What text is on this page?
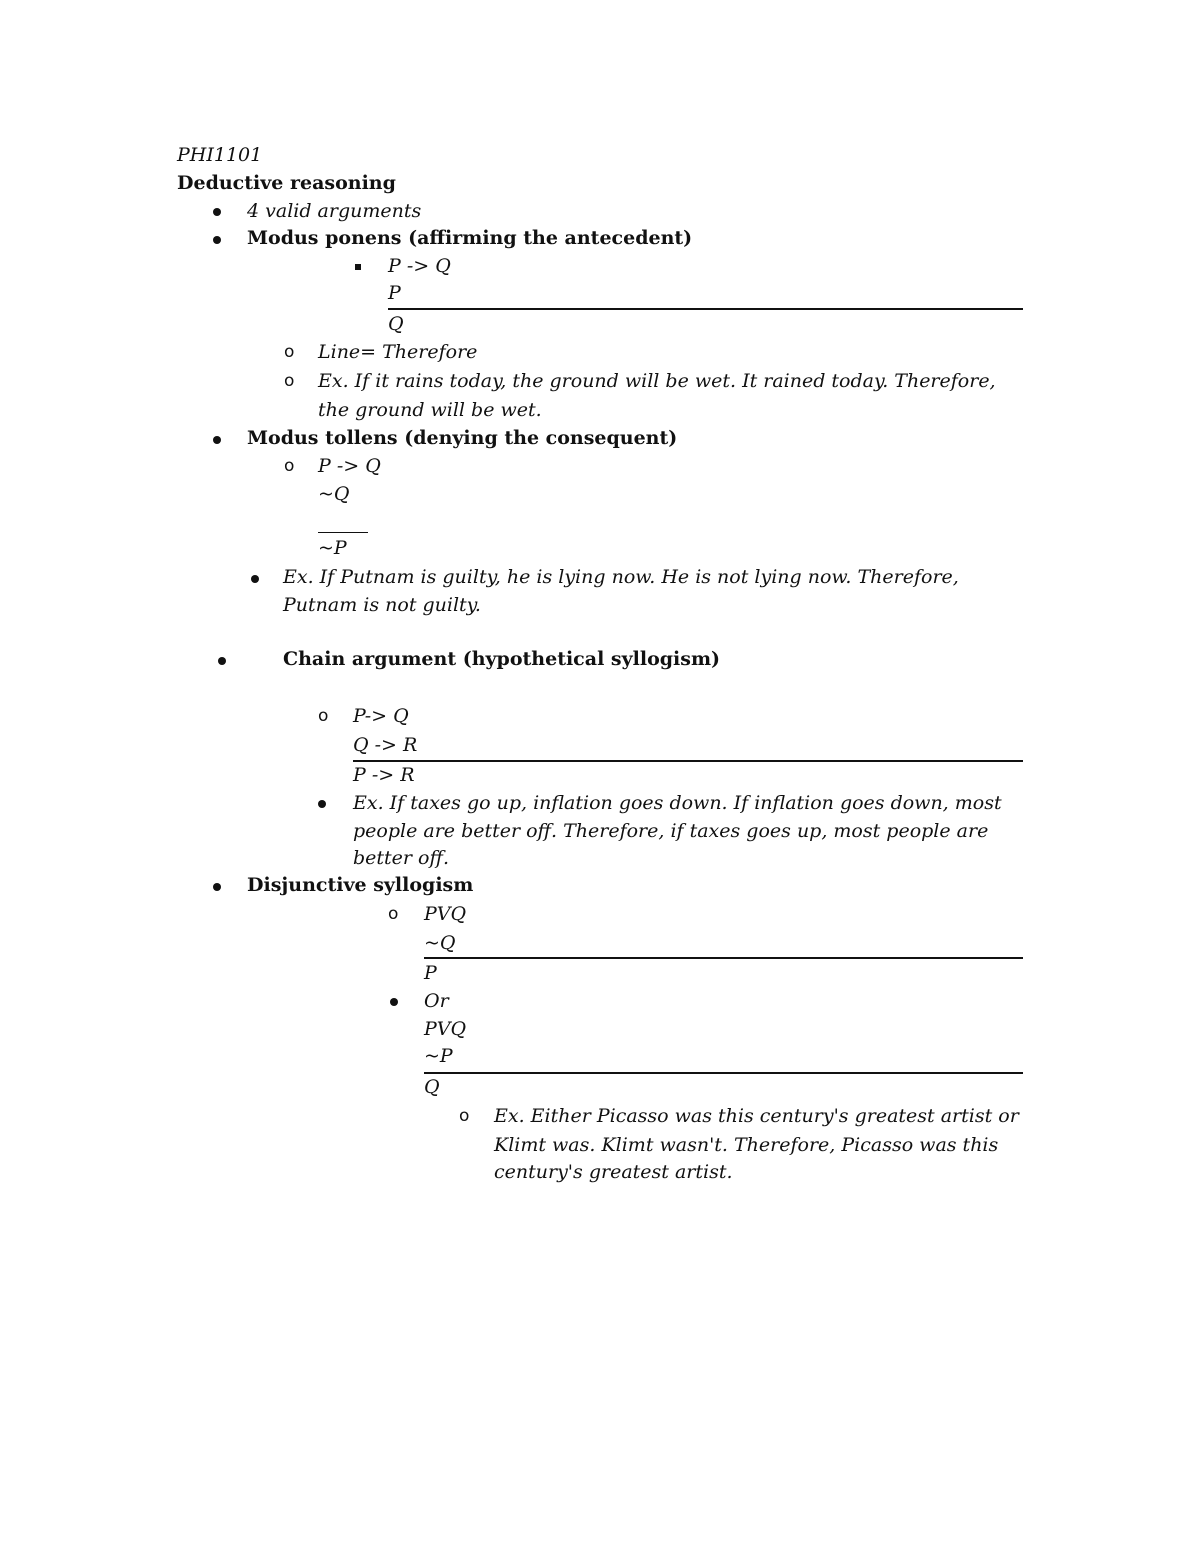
PHI1101
Deductive reasoning
4 valid arguments
Modus ponens (affirming the antecedent)
P -> Q
P
Q
o Line= Therefore
o Ex. If it rains today, the ground will be wet. It rained today. Therefore,
the ground will be wet.
Modus tollens (denying the consequent)
o P -> Q
~Q
~P
Ex. If Putnam is guilty, he is lying now. He is not lying now. Therefore,
Putnam is not guilty.
Chain argument (hypothetical syllogism)
o P-> Q
Q -> R
P -> R
Ex. If taxes go up, inflation goes down. If inflation goes down, most
people are better off. Therefore, if taxes goes up, most people are
better off.
Disjunctive syllogism
o PVQ
~Q
P
Or
PVQ
~P
Q
o Ex. Either Picasso was this century's greatest artist or
Klimt was. Klimt wasn't. Therefore, Picasso was this
century's greatest artist.
